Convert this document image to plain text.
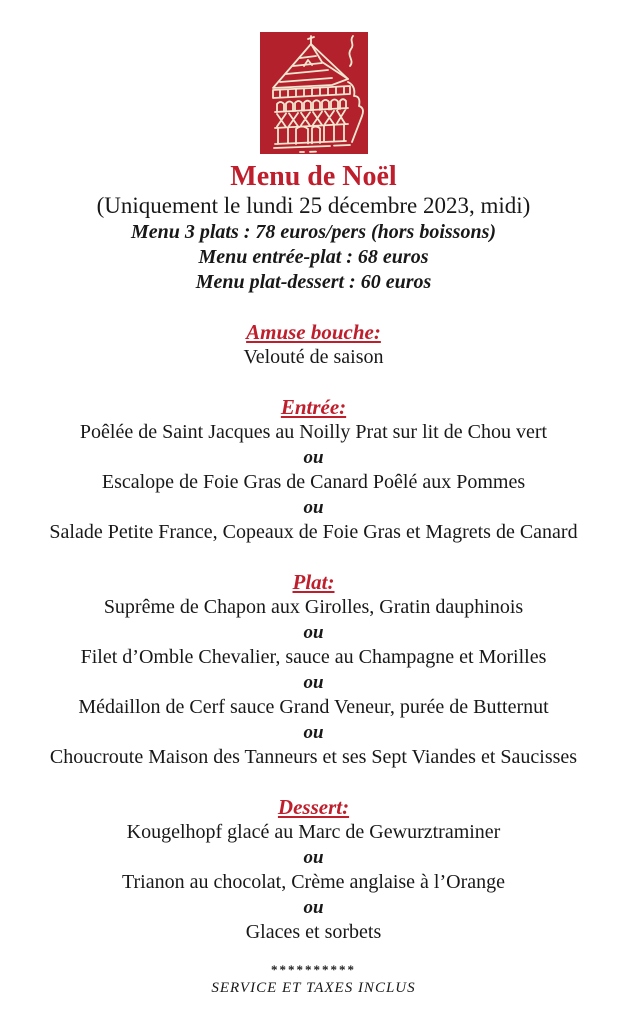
Menu de Noël
(Uniquement le lundi 25 décembre 2023, midi)
Menu 3 plats : 78 euros/pers (hors boissons)
Menu entrée-plat : 68 euros
Menu plat-dessert : 60 euros
Amuse bouche:
Velouté de saison
Entrée:
Poêlée de Saint Jacques au Noilly Prat sur lit de Chou vert
ou
Escalope de Foie Gras de Canard Poêlé aux Pommes
ou
Salade Petite France, Copeaux de Foie Gras et Magrets de Canard
Plat:
Suprême de Chapon aux Girolles, Gratin dauphinois
ou
Filet d’Omble Chevalier, sauce au Champagne et Morilles
ou
Médaillon de Cerf sauce Grand Veneur, purée de Butternut
ou
Choucroute Maison des Tanneurs et ses Sept Viandes et Saucisses
Dessert:
Kougelhopf glacé au Marc de Gewurztraminer
ou
Trianon au chocolat, Crème anglaise à l’Orange
ou
Glaces et sorbets
**********
SERVICE ET TAXES INCLUS
